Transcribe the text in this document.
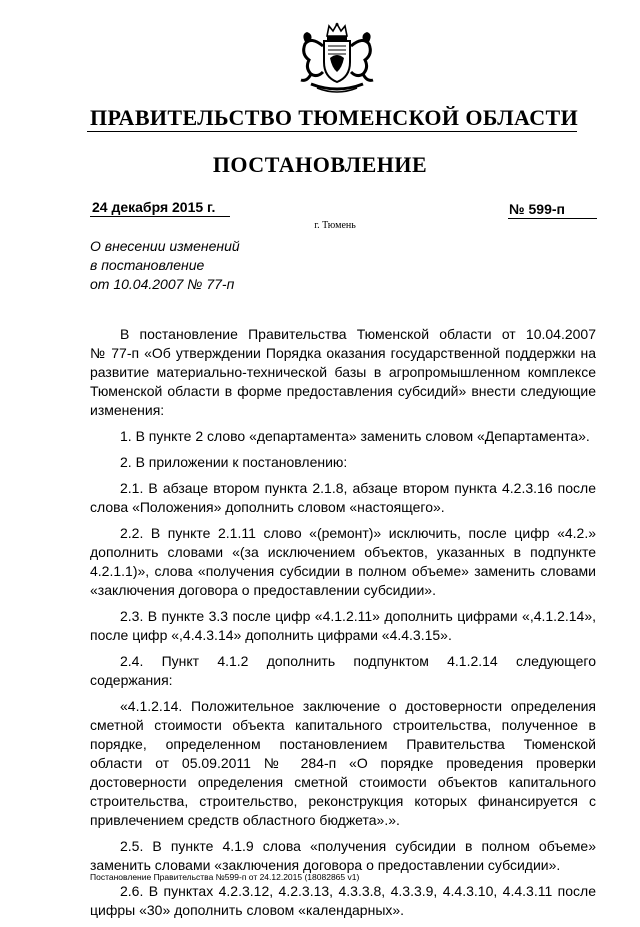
ПРАВИТЕЛЬСТВО ТЮМЕНСКОЙ ОБЛАСТИ
ПОСТАНОВЛЕНИЕ
24 декабря 2015 г.	№ 599-п
г. Тюмень
О внесении изменений
в постановление
от 10.04.2007 № 77-п
В постановление Правительства Тюменской области от 10.04.2007
№ 77-п «Об утверждении Порядка оказания государственной поддержки на
развитие материально-технической базы в агропромышленном комплексе
Тюменской области в форме предоставления субсидий» внести следующие
изменения:
1. В пункте 2 слово «департамента» заменить словом «Департамента».
2. В приложении к постановлению:
2.1. В абзаце втором пункта 2.1.8, абзаце втором пункта 4.2.3.16 после
слова «Положения» дополнить словом «настоящего».
2.2. В пункте 2.1.11 слово «(ремонт)» исключить, после цифр «4.2.»
дополнить словами «(за исключением объектов, указанных в подпункте
4.2.1.1)», слова «получения субсидии в полном объеме» заменить словами
«заключения договора о предоставлении субсидии».
2.3. В пункте 3.3 после цифр «4.1.2.11» дополнить цифрами «,4.1.2.14»,
после цифр «,4.4.3.14» дополнить цифрами «4.4.3.15».
2.4. Пункт 4.1.2 дополнить подпунктом 4.1.2.14 следующего
содержания:
«4.1.2.14. Положительное заключение о достоверности определения
сметной стоимости объекта капитального строительства, полученное в
порядке, определенном постановлением Правительства Тюменской
области от 05.09.2011 № 284-п «О порядке проведения проверки
достоверности определения сметной стоимости объектов капитального
строительства, строительство, реконструкция которых финансируется с
привлечением средств областного бюджета».».
2.5. В пункте 4.1.9 слова «получения субсидии в полном объеме»
заменить словами «заключения договора о предоставлении субсидии».
2.6. В пунктах 4.2.3.12, 4.2.3.13, 4.3.3.8, 4.3.3.9, 4.4.3.10, 4.4.3.11 после
цифры «30» дополнить словом «календарных».
Постановление Правительства №599-п от 24.12.2015 (18082865 v1)
